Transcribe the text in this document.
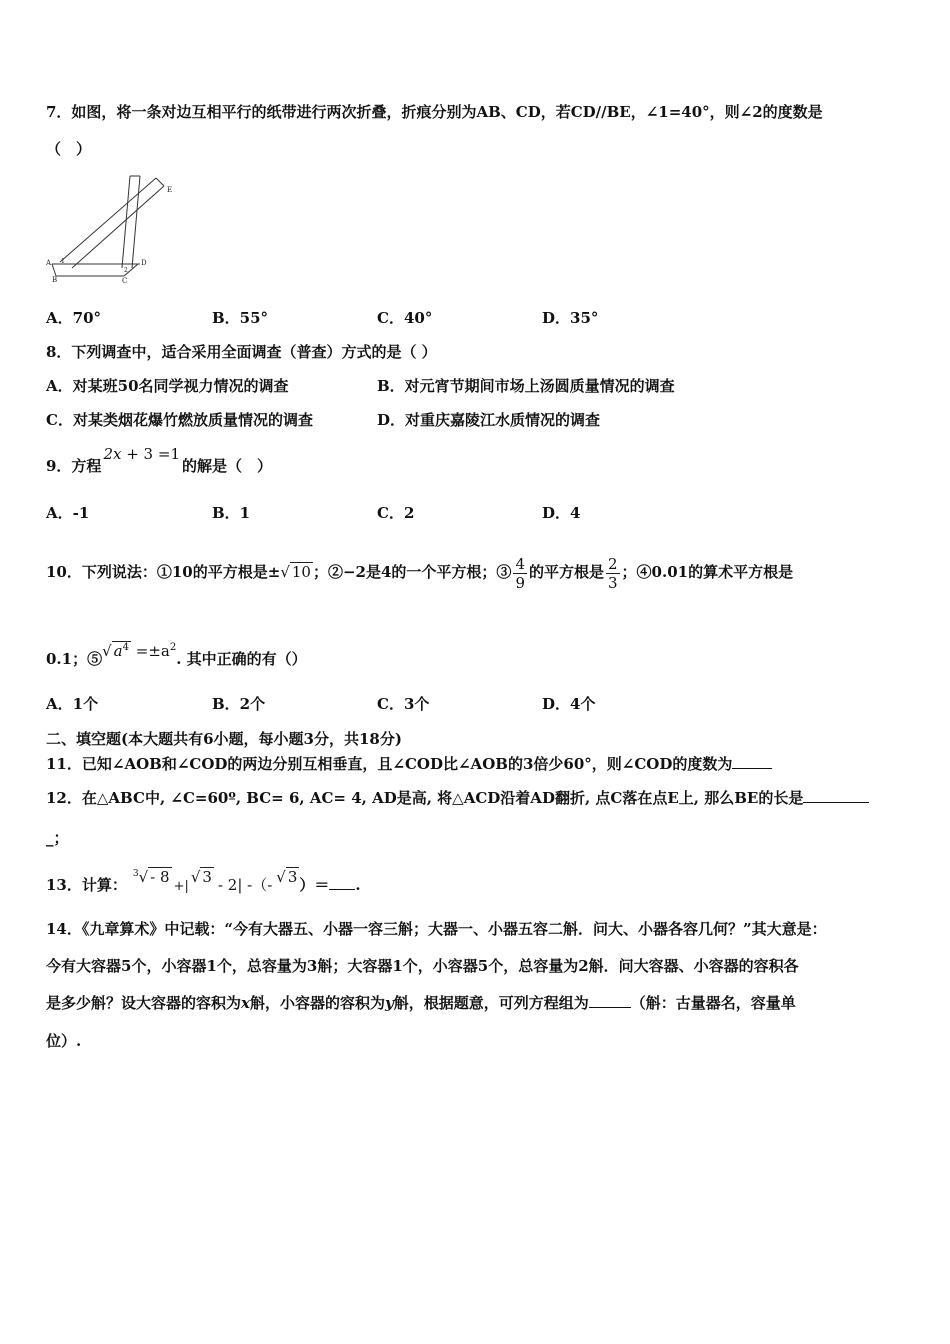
7．如图，将一条对边互相平行的纸带进行两次折叠，折痕分别为AB、CD，若CD//BE，∠1=40°，则∠2的度数是
（　）
A
B	C
D
E
1
2
A．70°	B．55°	C．40°	D．35°
8．下列调查中，适合采用全面调查（普查）方式的是（ ）
A．对某班50名同学视力情况的调查	B．对元宵节期间市场上汤圆质量情况的调查
C．对某类烟花爆竹燃放质量情况的调查	D．对重庆嘉陵江水质情况的调查
9．方程2x + 3 =1的解是（　）
A．-1	B．1	C．2	D．4
10．下列说法：①10的平方根是±√ 10 ；②−2是4的一个平方根；③ $\frac{4}{9}$ 的平方根是 $\frac{2}{3}$ ；④0.01的算术平方根是
0.1；⑤√ $a^4 =\pm a^2$. 其中正确的有（）
A．1个	B．2个	C．3个	D．4个
二、填空题(本大题共有6小题，每小题3分，共18分)
11．已知∠AOB和∠COD的两边分别互相垂直，且∠COD比∠AOB的3倍少60°，则∠COD的度数为
12．在△ABC中, ∠C=60º, BC= 6, AC= 4, AD是高, 将△ACD沿着AD翻折, 点C落在点E上, 那么BE的长是
_；
13．计算：$^3$√ - 8+|√ 3 - 2| -（- √ 3 ）＝ .
14．《九章算术》中记载：“今有大器五、小器一容三斛；大器一、小器五容二斛．问大、小器各容几何？”其大意是：
今有大容器5个，小容器1个，总容量为3斛；大容器1个，小容器5个，总容量为2斛．问大容器、小容器的容积各
是多少斛？设大容器的容积为x斛，小容器的容积为y斛，根据题意，可列方程组为	（斛：古量器名，容量单
位）.
